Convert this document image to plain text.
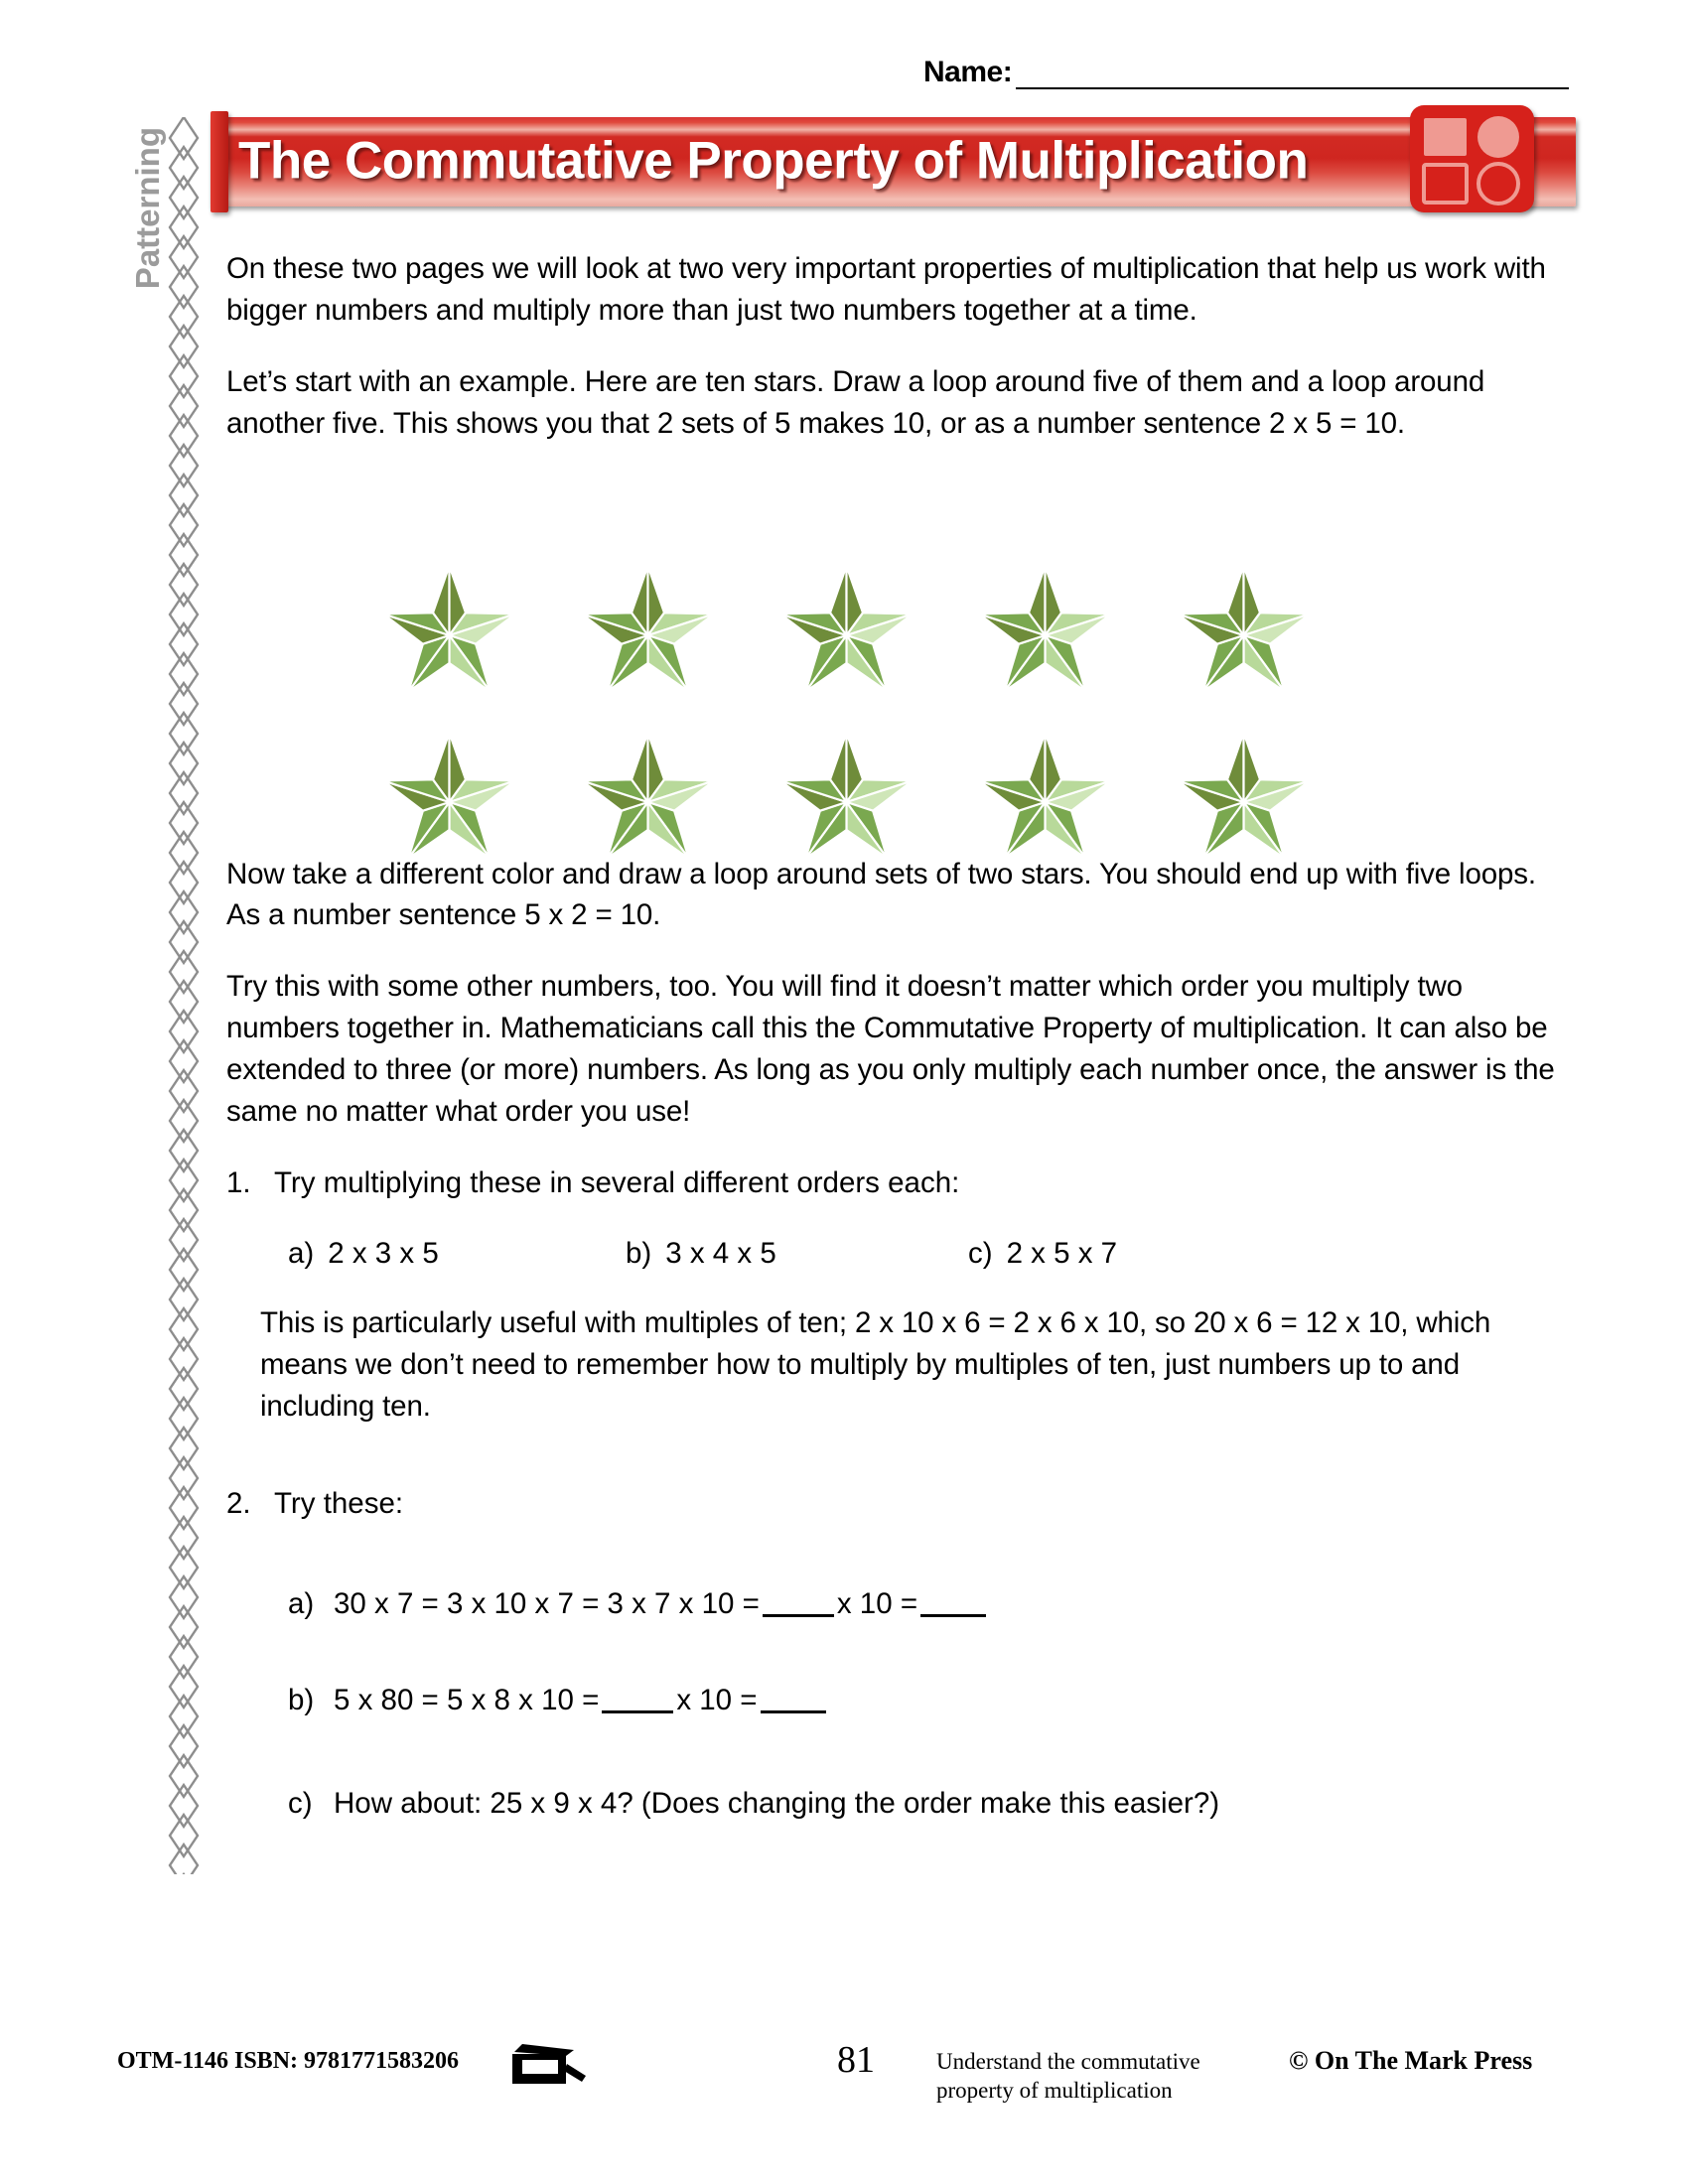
Name:
Patterning The Commutative Property of Multiplication

On these two pages we will look at two very important properties of multiplication that help us work with bigger numbers and multiply more than just two numbers together at a time.

Let’s start with an example. Here are ten stars. Draw a loop around five of them and a loop around another five. This shows you that 2 sets of 5 makes 10, or as a number sentence 2 x 5 = 10.

Now take a different color and draw a loop around sets of two stars. You should end up with five loops. As a number sentence 5 x 2 = 10.

Try this with some other numbers, too. You will find it doesn’t matter which order you multiply two numbers together in. Mathematicians call this the Commutative Property of multiplication. It can also be extended to three (or more) numbers. As long as you only multiply each number once, the answer is the same no matter what order you use!

1. Try multiplying these in several different orders each:
a) 2 x 3 x 5	b) 3 x 4 x 5	c) 2 x 5 x 7

This is particularly useful with multiples of ten; 2 x 10 x 6 = 2 x 6 x 10, so 20 x 6 = 12 x 10, which means we don’t need to remember how to multiply by multiples of ten, just numbers up to and including ten.

2. Try these:
a) 30 x 7 = 3 x 10 x 7 = 3 x 7 x 10 =	x 10 =
b) 5 x 80 = 5 x 8 x 10 =	x 10 =
c) How about: 25 x 9 x 4? (Does changing the order make this easier?)
OTM-1146 ISBN: 9781771583206	81	Understand the commutative property of multiplication
© On The Mark Press
